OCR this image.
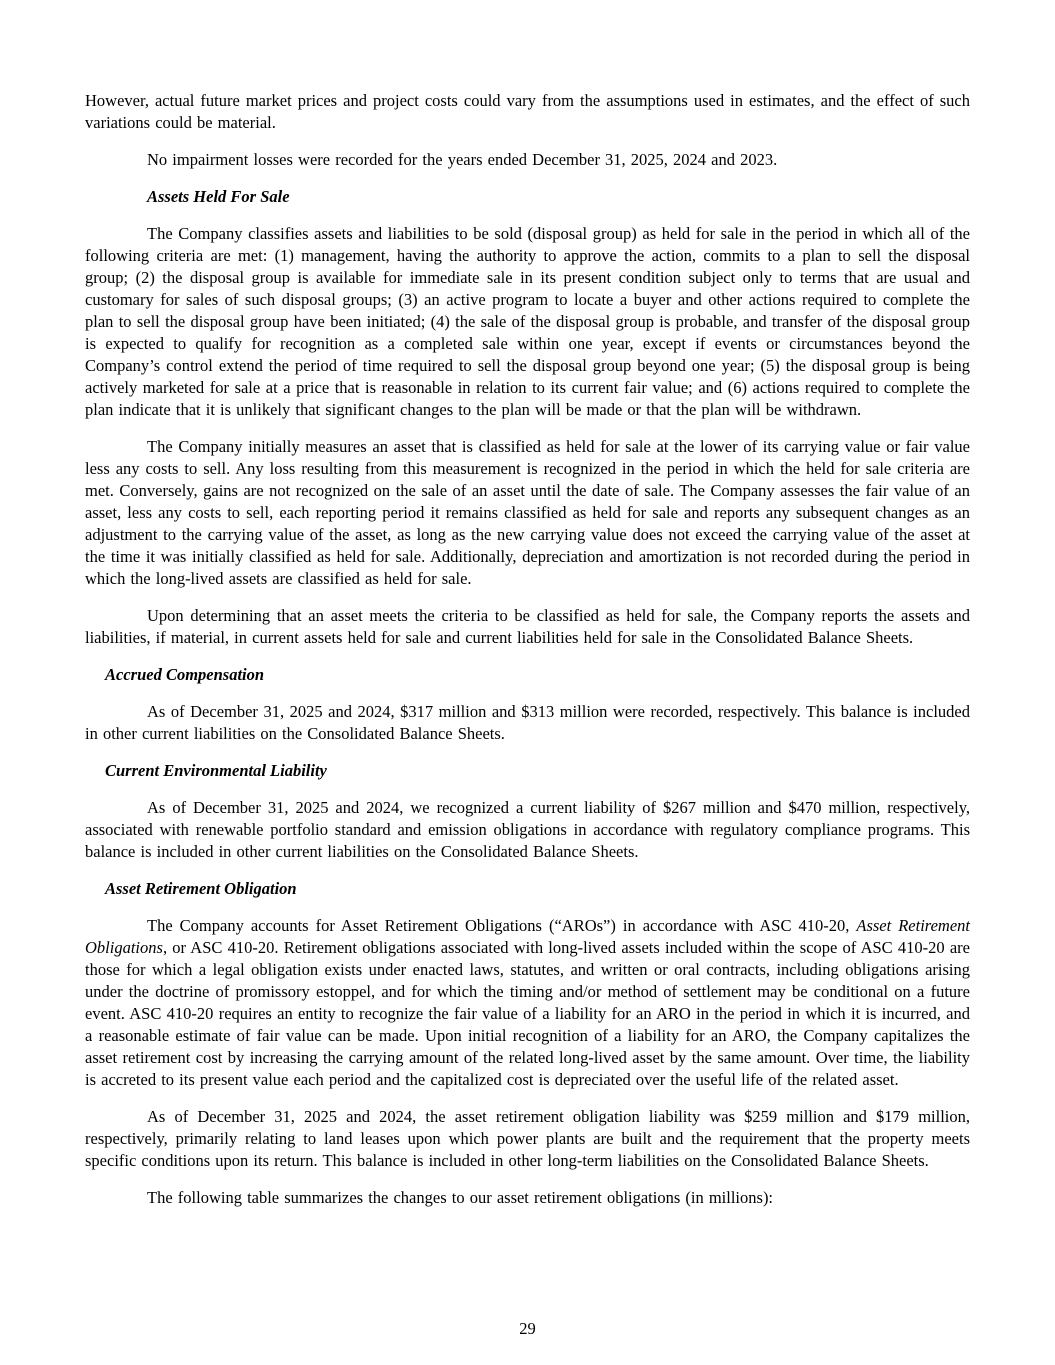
However, actual future market prices and project costs could vary from the assumptions used in estimates, and the effect of such variations could be material.

No impairment losses were recorded for the years ended December 31, 2025, 2024 and 2023.

Assets Held For Sale

The Company classifies assets and liabilities to be sold (disposal group) as held for sale in the period in which all of the following criteria are met: (1) management, having the authority to approve the action, commits to a plan to sell the disposal group; (2) the disposal group is available for immediate sale in its present condition subject only to terms that are usual and customary for sales of such disposal groups; (3) an active program to locate a buyer and other actions required to complete the plan to sell the disposal group have been initiated; (4) the sale of the disposal group is probable, and transfer of the disposal group is expected to qualify for recognition as a completed sale within one year, except if events or circumstances beyond the Company’s control extend the period of time required to sell the disposal group beyond one year; (5) the disposal group is being actively marketed for sale at a price that is reasonable in relation to its current fair value; and (6) actions required to complete the plan indicate that it is unlikely that significant changes to the plan will be made or that the plan will be withdrawn.

The Company initially measures an asset that is classified as held for sale at the lower of its carrying value or fair value less any costs to sell. Any loss resulting from this measurement is recognized in the period in which the held for sale criteria are met. Conversely, gains are not recognized on the sale of an asset until the date of sale. The Company assesses the fair value of an asset, less any costs to sell, each reporting period it remains classified as held for sale and reports any subsequent changes as an adjustment to the carrying value of the asset, as long as the new carrying value does not exceed the carrying value of the asset at the time it was initially classified as held for sale. Additionally, depreciation and amortization is not recorded during the period in which the long-lived assets are classified as held for sale.

Upon determining that an asset meets the criteria to be classified as held for sale, the Company reports the assets and liabilities, if material, in current assets held for sale and current liabilities held for sale in the Consolidated Balance Sheets.

Accrued Compensation

As of December 31, 2025 and 2024, $317 million and $313 million were recorded, respectively. This balance is included in other current liabilities on the Consolidated Balance Sheets.

Current Environmental Liability

As of December 31, 2025 and 2024, we recognized a current liability of $267 million and $470 million, respectively, associated with renewable portfolio standard and emission obligations in accordance with regulatory compliance programs. This balance is included in other current liabilities on the Consolidated Balance Sheets.

Asset Retirement Obligation

The Company accounts for Asset Retirement Obligations (“AROs”) in accordance with ASC 410-20, Asset Retirement Obligations, or ASC 410-20. Retirement obligations associated with long-lived assets included within the scope of ASC 410-20 are those for which a legal obligation exists under enacted laws, statutes, and written or oral contracts, including obligations arising under the doctrine of promissory estoppel, and for which the timing and/or method of settlement may be conditional on a future event. ASC 410-20 requires an entity to recognize the fair value of a liability for an ARO in the period in which it is incurred, and a reasonable estimate of fair value can be made. Upon initial recognition of a liability for an ARO, the Company capitalizes the asset retirement cost by increasing the carrying amount of the related long-lived asset by the same amount. Over time, the liability is accreted to its present value each period and the capitalized cost is depreciated over the useful life of the related asset.

As of December 31, 2025 and 2024, the asset retirement obligation liability was $259 million and $179 million, respectively, primarily relating to land leases upon which power plants are built and the requirement that the property meets specific conditions upon its return. This balance is included in other long-term liabilities on the Consolidated Balance Sheets.

The following table summarizes the changes to our asset retirement obligations (in millions):

29
